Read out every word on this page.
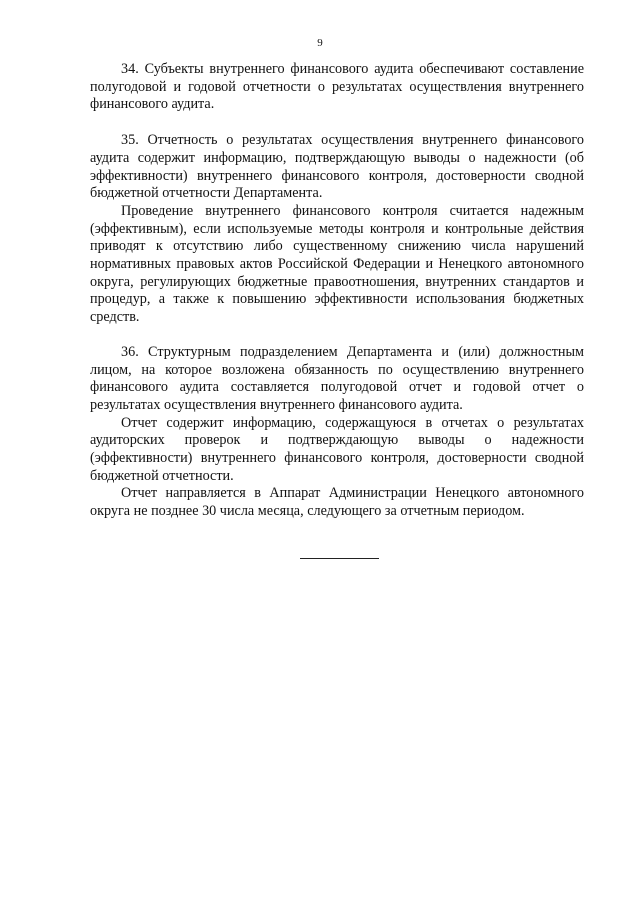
9

34. Субъекты внутреннего финансового аудита обеспечивают составление полугодовой и годовой отчетности о результатах осуществления внутреннего финансового аудита.

35. Отчетность о результатах осуществления внутреннего финансового аудита содержит информацию, подтверждающую выводы о надежности (об эффективности) внутреннего финансового контроля, достоверности сводной бюджетной отчетности Департамента.

Проведение внутреннего финансового контроля считается надежным (эффективным), если используемые методы контроля и контрольные действия приводят к отсутствию либо существенному снижению числа нарушений нормативных правовых актов Российской Федерации и Ненецкого автономного округа, регулирующих бюджетные правоотношения, внутренних стандартов и процедур, а также к повышению эффективности использования бюджетных средств.

36. Структурным подразделением Департамента и (или) должностным лицом, на которое возложена обязанность по осуществлению внутреннего финансового аудита составляется полугодовой отчет и годовой отчет о результатах осуществления внутреннего финансового аудита.

Отчет содержит информацию, содержащуюся в отчетах о результатах аудиторских проверок и подтверждающую выводы о надежности (эффективности) внутреннего финансового контроля, достоверности сводной бюджетной отчетности.

Отчет направляется в Аппарат Администрации Ненецкого автономного округа не позднее 30 числа месяца, следующего за отчетным периодом.
